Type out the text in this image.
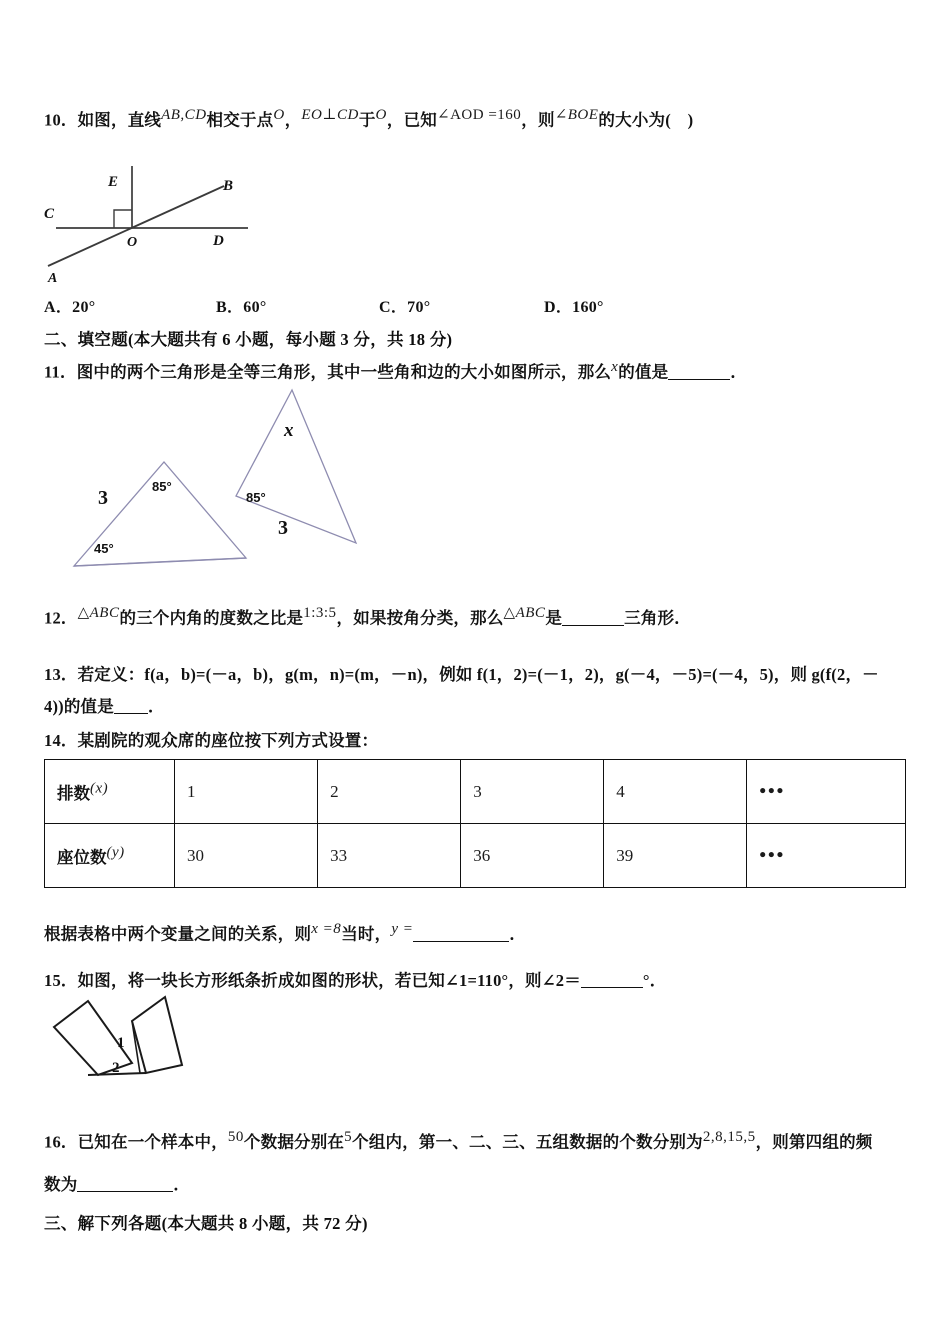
10．如图，直线AB,CD相交于点O，EO⊥CD于O，已知∠AOD =160，则∠BOE的大小为(　)
E	B
C
D
O
A
A．20°	B．60°	C．70°	D．160°
二、填空题(本大题共有 6 小题，每小题 3 分，共 18 分)
11．图中的两个三角形是全等三角形，其中一些角和边的大小如图所示，那么x的值是	．
3
85°
45°
x
85°
3
12．△ABC的三个内角的度数之比是1:3:5，如果按角分类，那么△ABC是	三角形．
13．若定义：f(a，b)=(－a，b)，g(m，n)=(m，－n)，例如 f(1，2)=(－1，2)，g(－4，－5)=(－4，5)，则 g(f(2，－
4))的值是 ．
14．某剧院的观众席的座位按下列方式设置：
排数(x)	1	2	3	4	•••
座位数(y)	30	33	36	39	•••
根据表格中两个变量之间的关系，则x =8当时，y =	．
15．如图，将一块长方形纸条折成如图的形状，若已知∠1=110°，则∠2＝	°．
1
2
16．已知在一个样本中，50个数据分别在5个组内，第一、二、三、五组数据的个数分别为2,8,15,5，则第四组的频
数为	．
三、解下列各题(本大题共 8 小题，共 72 分)
